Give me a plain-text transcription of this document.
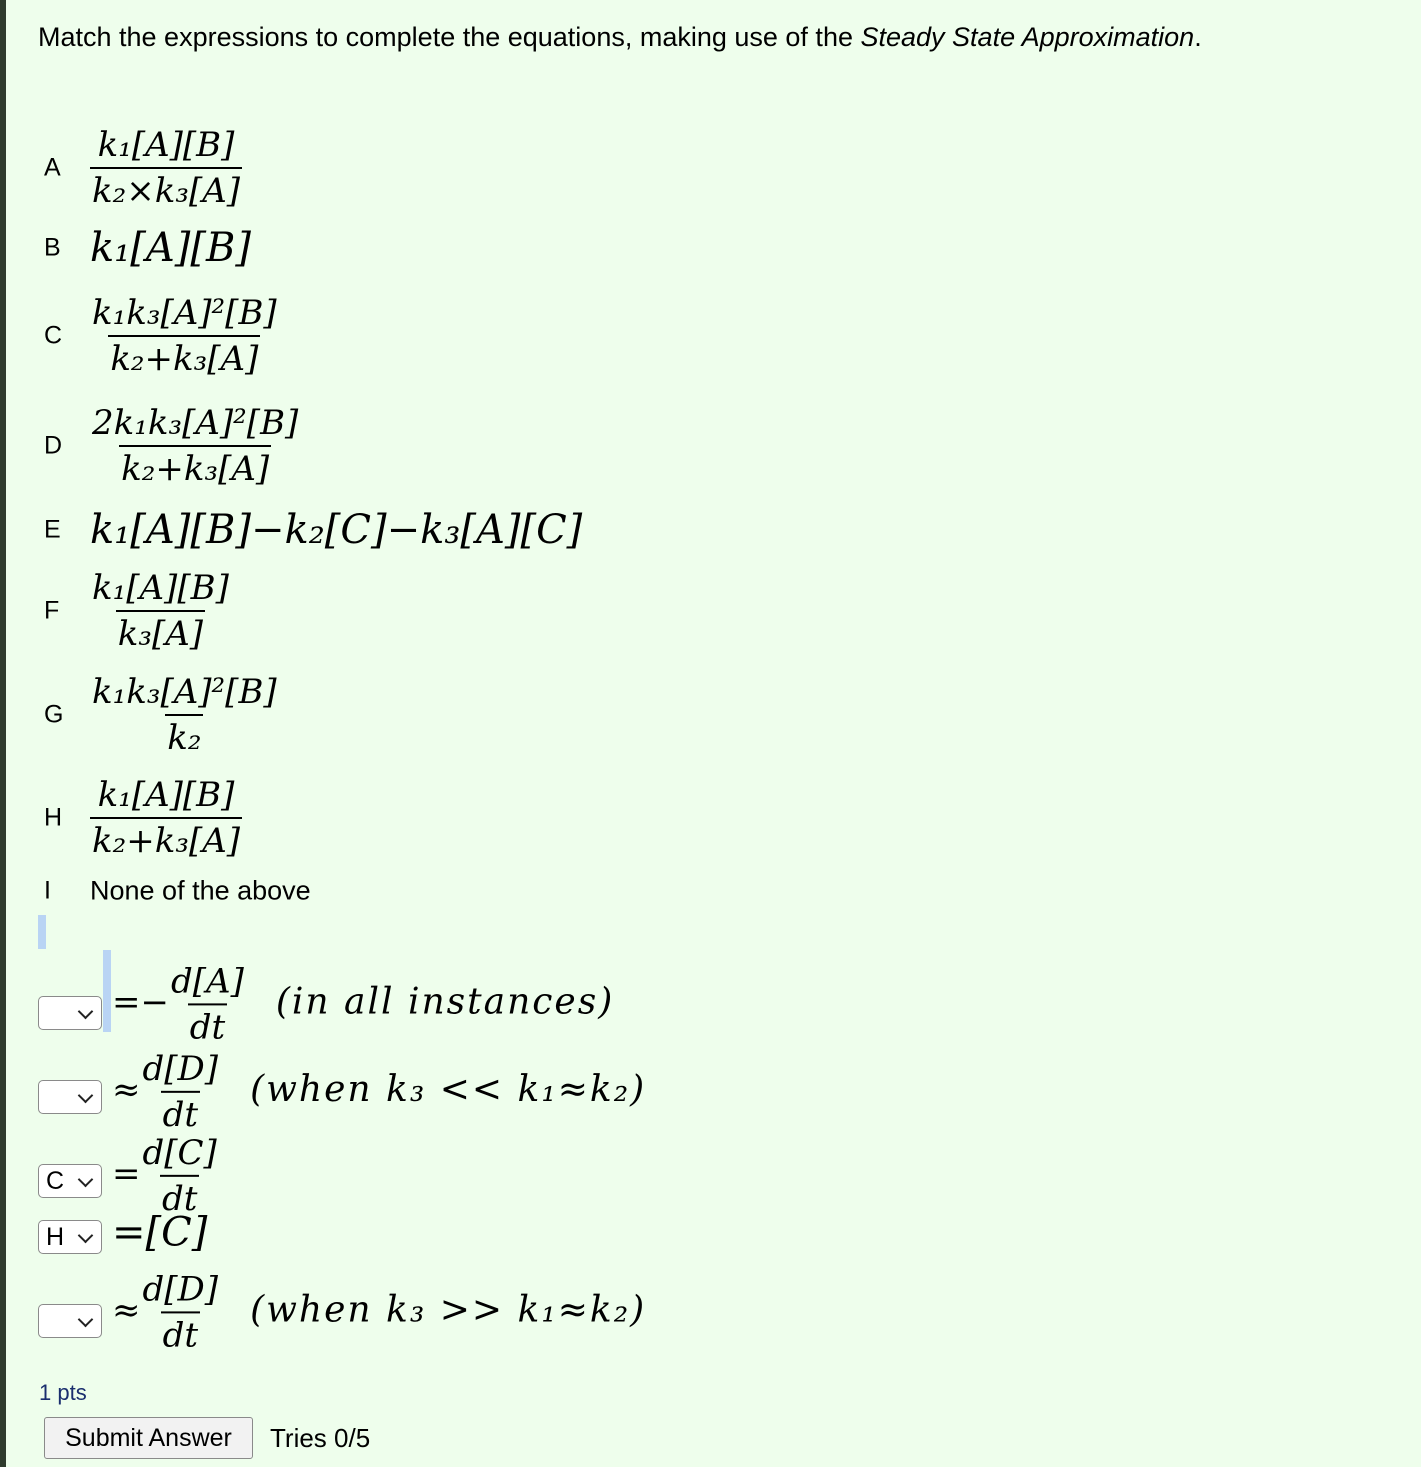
Match the expressions to complete the equations, making use of the Steady State Approximation.
A $\frac{\text{k₁[A][B]}}{\text{k₂×k₃[A]}}$
B k₁[A][B]
C $\frac{\text{k₁k₃[A]²[B]}}{\text{k₂+k₃[A]}}$
D $\frac{\text{2k₁k₃[A]²[B]}}{\text{k₂+k₃[A]}}$
E k₁[A][B]−k₂[C]−k₃[A][C]
F $\frac{\text{k₁[A][B]}}{\text{k₃[A]}}$
G $\frac{\text{k₁k₃[A]²[B]}}{\text{k₂}}$
H $\frac{\text{k₁[A][B]}}{\text{k₂+k₃[A]}}$
I None of the above
=− $\frac{d[A]}{dt} (in$ all instances)
≈ $\frac{d[D]}{dt}$ (when k₃ << k₁≈k₂)
$C = \frac{d[C]}{dt}$
H =[C]
≈ $\frac{d[D]}{dt}$ (when k₃ >> k₁≈k₂)
1 pts
Submit Answer	Tries 0/5
